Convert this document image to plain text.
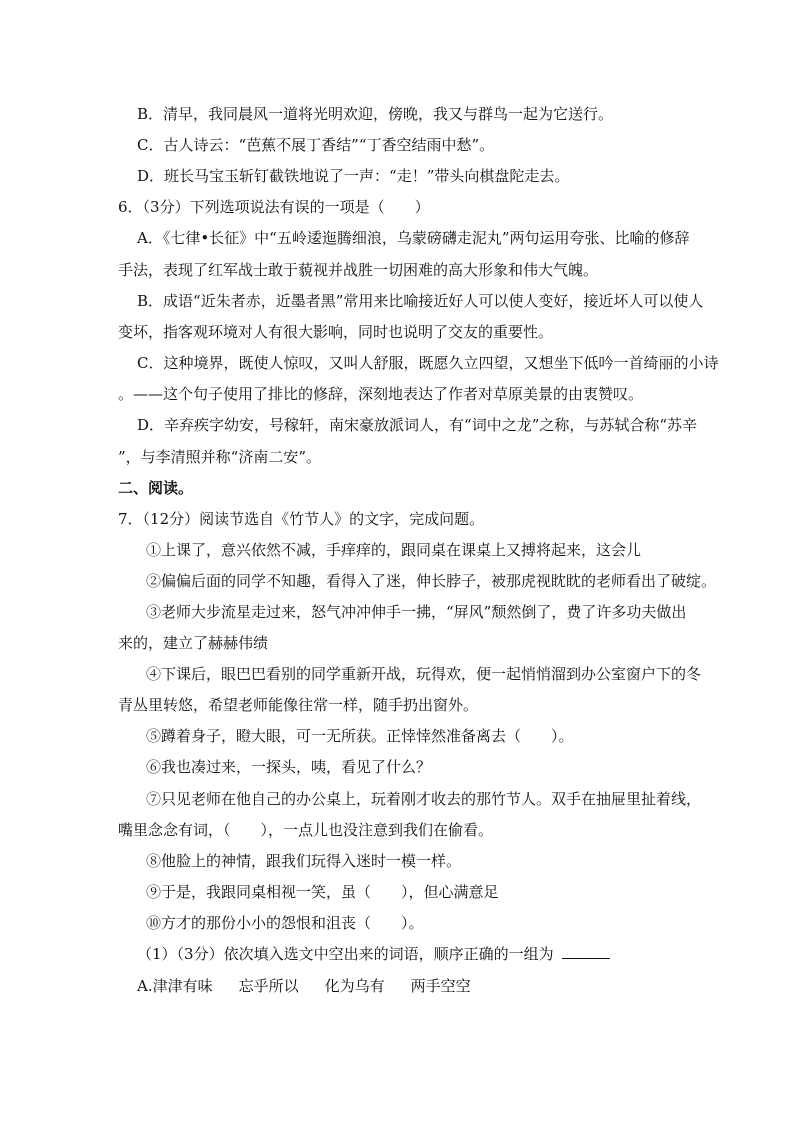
B．清早，我同晨风一道将光明欢迎，傍晚，我又与群鸟一起为它送行。
C．古人诗云：“芭蕉不展丁香结”“丁香空结雨中愁”。
D．班长马宝玉斩钉截铁地说了一声：“走！”带头向棋盘陀走去。
6．（3分）下列选项说法有误的一项是（　　）
A．《七律•长征》中“五岭逶迤腾细浪，乌蒙磅礴走泥丸”两句运用夸张、比喻的修辞
手法，表现了红军战士敢于藐视并战胜一切困难的高大形象和伟大气魄。
B．成语“近朱者赤，近墨者黑”常用来比喻接近好人可以使人变好，接近坏人可以使人
变坏，指客观环境对人有很大影响，同时也说明了交友的重要性。
C．这种境界，既使人惊叹，又叫人舒服，既愿久立四望，又想坐下低吟一首绮丽的小诗
。——这个句子使用了排比的修辞，深刻地表达了作者对草原美景的由衷赞叹。
D．辛弃疾字幼安，号稼轩，南宋豪放派词人，有“词中之龙”之称，与苏轼合称“苏辛
”，与李清照并称“济南二安”。
二、阅读。
7．（12分）阅读节选自《竹节人》的文字，完成问题。
①上课了，意兴依然不减，手痒痒的，跟同桌在课桌上又搏将起来，这会儿
②偏偏后面的同学不知趣，看得入了迷，伸长脖子，被那虎视眈眈的老师看出了破绽。
③老师大步流星走过来，怒气冲冲伸手一拂，“屏风”颓然倒了，费了许多功夫做出
来的，建立了赫赫伟绩
④下课后，眼巴巴看别的同学重新开战，玩得欢，便一起悄悄溜到办公室窗户下的冬
青丛里转悠，希望老师能像往常一样，随手扔出窗外。
⑤蹲着身子，瞪大眼，可一无所获。正悻悻然准备离去（　　）。
⑥我也凑过来，一探头，咦，看见了什么？
⑦只见老师在他自己的办公桌上，玩着刚才收去的那竹节人。双手在抽屉里扯着线，
嘴里念念有词，（　　），一点儿也没注意到我们在偷看。
⑧他脸上的神情，跟我们玩得入迷时一模一样。
⑨于是，我跟同桌相视一笑，虽（　　），但心满意足
⑩方才的那份小小的怨恨和沮丧（　　）。
（1）（3分）依次填入选文中空出来的词语，顺序正确的一组为
A.津津有味 忘乎所以 化为乌有 两手空空
